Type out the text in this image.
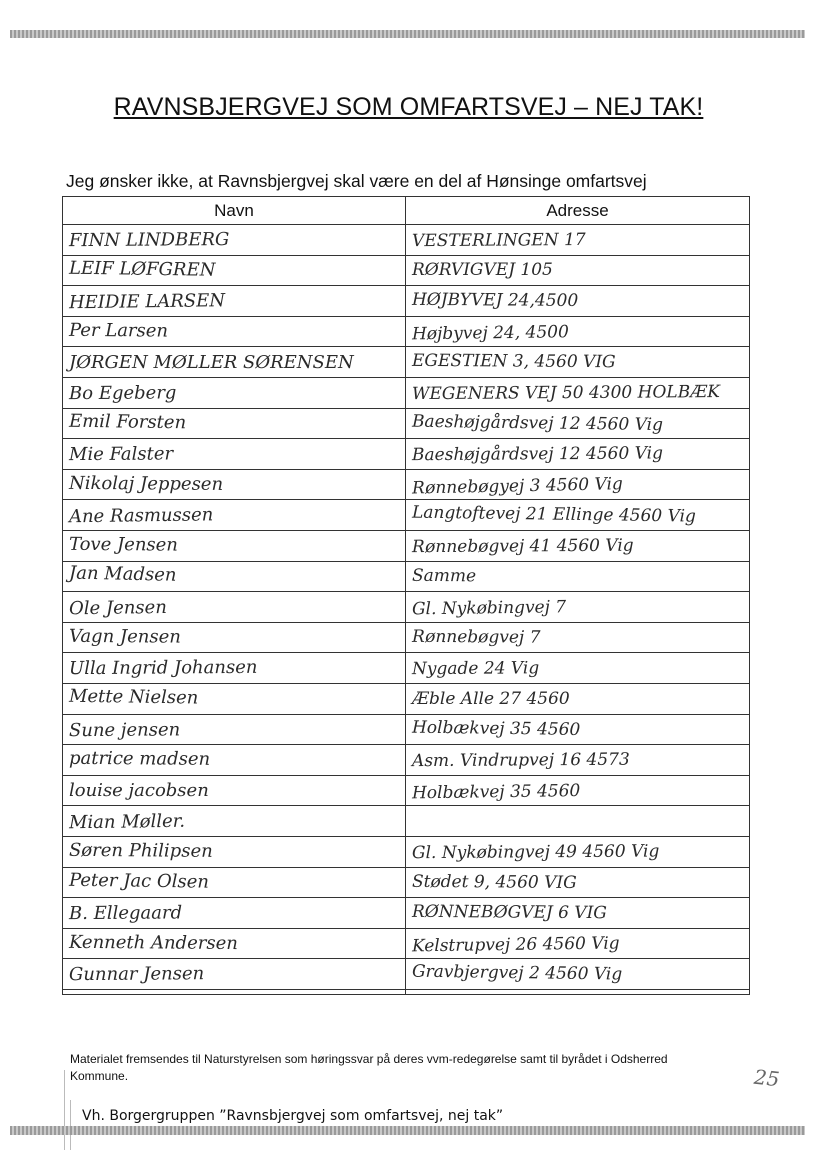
RAVNSBJERGVEJ SOM OMFARTSVEJ – NEJ TAK!
Jeg ønsker ikke, at Ravnsbjergvej skal være en del af Hønsinge omfartsvej
Navn	Adresse
FINN LINDBERG	VESTERLINGEN 17
LEIF LØFGREN	RØRVIGVEJ 105
HEIDIE LARSEN	HØJBYVEJ 24,4500
Per Larsen	Højbyvej 24, 4500
JØRGEN MØLLER SØRENSEN	EGESTIEN 3, 4560 VIG
Bo Egeberg	WEGENERS VEJ 50 4300 HOLBÆK
Emil Forsten	Baeshøjgårdsvej 12 4560 Vig
Mie Falster	Baeshøjgårdsvej 12 4560 Vig
Nikolaj Jeppesen	Rønnebøgyej 3 4560 Vig
Ane Rasmussen	Langtoftevej 21 Ellinge 4560 Vig
Tove Jensen	Rønnebøgvej 41 4560 Vig
Jan Madsen	Samme
Ole Jensen	Gl. Nykøbingvej 7
Vagn Jensen	Rønnebøgvej 7
Ulla Ingrid Johansen	Nygade 24 Vig
Mette Nielsen	Æble Alle 27 4560
Sune jensen	Holbækvej 35 4560
patrice madsen	Asm. Vindrupvej 16 4573
louise jacobsen	Holbækvej 35 4560
Mian Møller.
Søren Philipsen	Gl. Nykøbingvej 49 4560 Vig
Peter Jac Olsen	Stødet 9, 4560 VIG
B. Ellegaard	RØNNEBØGVEJ 6 VIG
Kenneth Andersen	Kelstrupvej 26 4560 Vig
Gunnar Jensen	Gravbjergvej 2 4560 Vig
Materialet fremsendes til Naturstyrelsen som høringssvar på deres vvm-redegørelse samt til byrådet i Odsherred Kommune.
Vh. Borgergruppen ”Ravnsbjergvej som omfartsvej, nej tak”
25
